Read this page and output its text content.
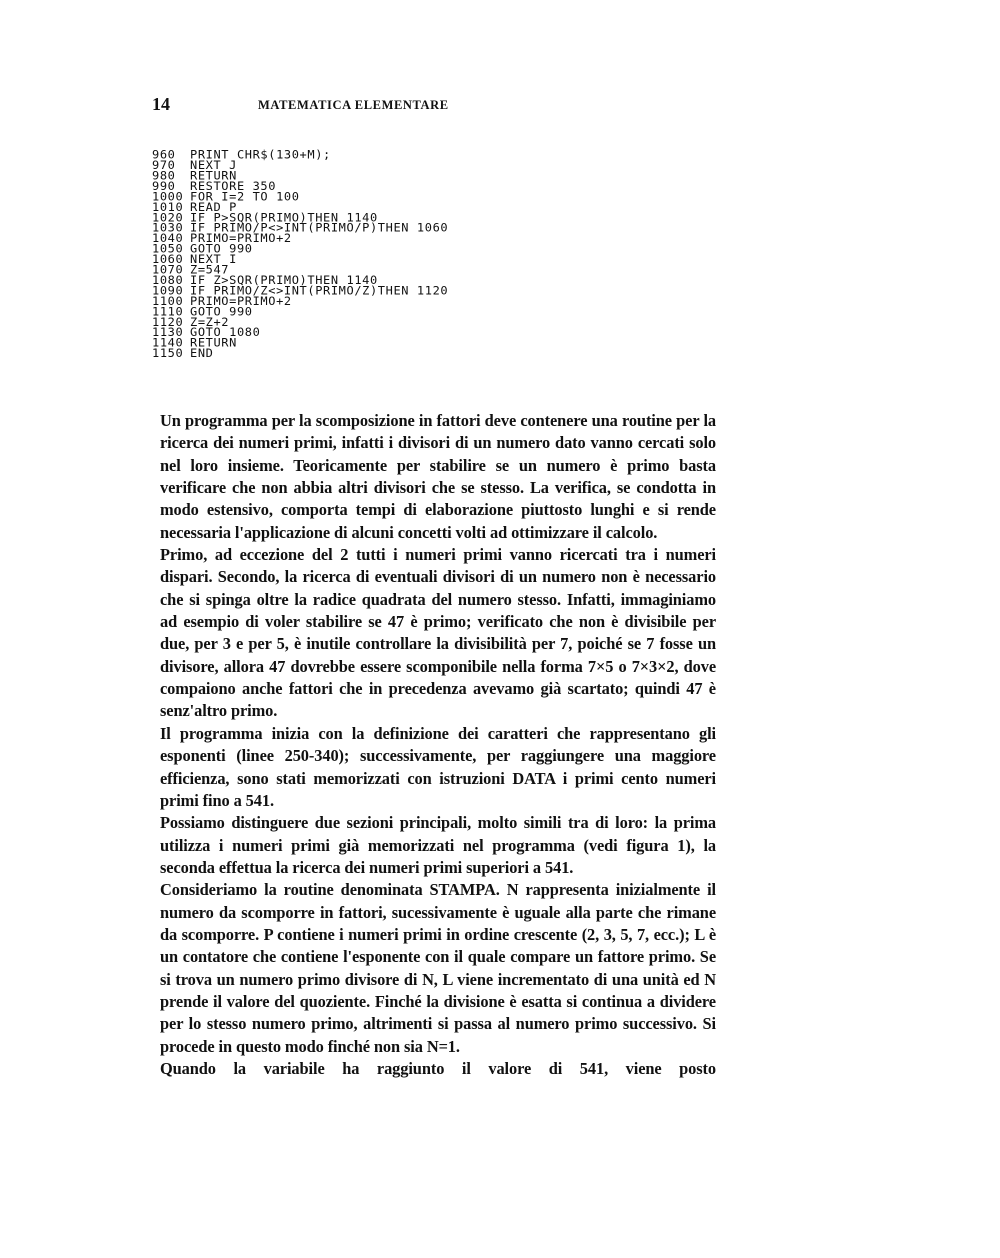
14	MATEMATICA ELEMENTARE
960	PRINT CHR$(130+M);
970	NEXT J
980	RETURN
990	RESTORE 350
1000 FOR I=2 TO 100
1010 READ P
1020 IF P>SQR(PRIMO)THEN 1140
1030 IF PRIMO/P<>INT(PRIMO/P)THEN 1060
1040 PRIMO=PRIMO+2
1050 GOTO 990
1060 NEXT I
1070 Z=547
1080 IF Z>SQR(PRIMO)THEN 1140
1090 IF PRIMO/Z<>INT(PRIMO/Z)THEN 1120
1100 PRIMO=PRIMO+2
1110 GOTO 990
1120 Z=Z+2
1130 GOTO 1080
1140 RETURN
1150 END

Un programma per la scomposizione in fattori deve contenere una routine per la ricerca dei numeri primi, infatti i divisori di un numero dato vanno cercati solo nel loro insieme. Teoricamente per stabilire se un numero è primo basta verificare che non abbia altri divisori che se stesso. La verifica, se condotta in modo estensivo, comporta tempi di elaborazione piuttosto lunghi e si rende necessaria l'applicazione di alcuni concetti volti ad ottimizzare il calcolo.

Primo, ad eccezione del 2 tutti i numeri primi vanno ricercati tra i numeri dispari. Secondo, la ricerca di eventuali divisori di un numero non è necessario che si spinga oltre la radice quadrata del numero stesso. Infatti, immaginiamo ad esempio di voler stabilire se 47 è primo; verificato che non è divisibile per due, per 3 e per 5, è inutile controllare la divisibilità per 7, poiché se 7 fosse un divisore, allora 47 dovrebbe essere scomponibile nella forma 7×5 o 7×3×2, dove compaiono anche fattori che in precedenza avevamo già scartato; quindi 47 è senz'altro primo.

Il programma inizia con la definizione dei caratteri che rappresentano gli esponenti (linee 250-340); successivamente, per raggiungere una maggiore efficienza, sono stati memorizzati con istruzioni DATA i primi cento numeri primi fino a 541.

Possiamo distinguere due sezioni principali, molto simili tra di loro: la prima utilizza i numeri primi già memorizzati nel programma (vedi figura 1), la seconda effettua la ricerca dei numeri primi superiori a 541.

Consideriamo la routine denominata STAMPA. N rappresenta inizialmente il numero da scomporre in fattori, sucessivamente è uguale alla parte che rimane da scomporre. P contiene i numeri primi in ordine crescente (2, 3, 5, 7, ecc.); L è un contatore che contiene l'esponente con il quale compare un fattore primo. Se si trova un numero primo divisore di N, L viene incrementato di una unità ed N prende il valore del quoziente. Finché la divisione è esatta si continua a dividere per lo stesso numero primo, altrimenti si passa al numero primo successivo. Si procede in questo modo finché non sia N=1.

Quando la variabile ha raggiunto il valore di 541, viene posto
